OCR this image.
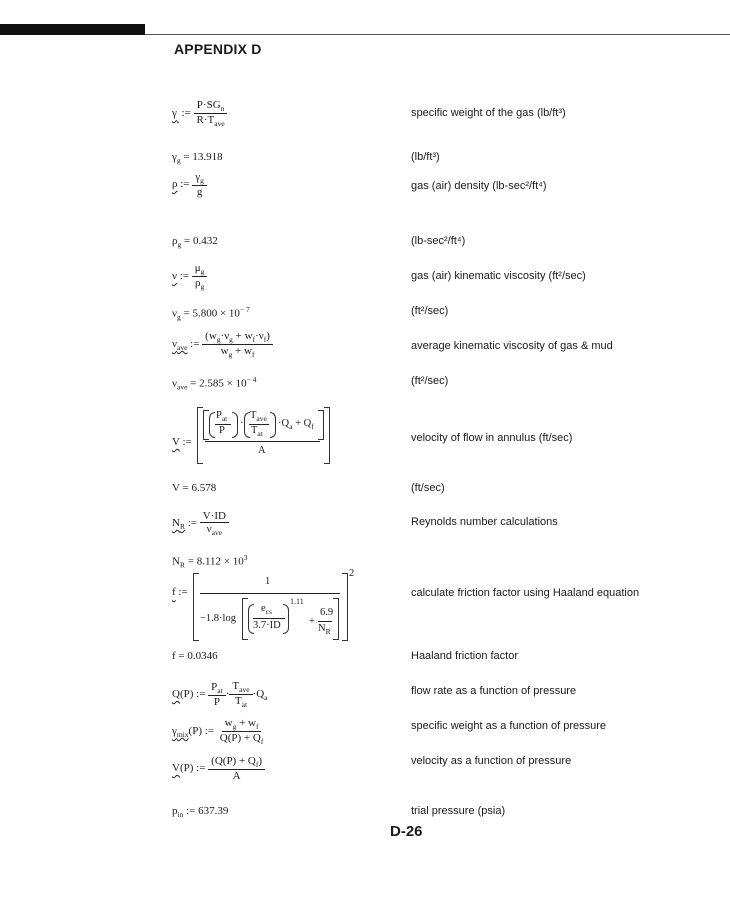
APPENDIX D
specific weight of the gas (lb/ft³)
(lb/ft³)
gas (air) density (lb-sec²/ft⁴)
(lb-sec²/ft⁴)
gas (air) kinematic viscosity (ft²/sec)
(ft²/sec)
average kinematic viscosity of gas & mud
(ft²/sec)
velocity of flow in annulus (ft/sec)
(ft/sec)
Reynolds number calculations
calculate friction factor using Haaland equation
Haaland friction factor
flow rate as a function of pressure
specific weight as a function of pressure
velocity as a function of pressure
trial pressure (psia)
γ  :=
$P\cdot SG_n$
$R\cdot T_{ave}$
$\gamma_g = 13.918$
ρ := $\frac{\gamma_g}{g}$
$\rho_g = 0.432$
ν := $\frac{\mu_g}{\rho_g}$
$\nu_g = 5.800 \times 10^{- 7}$
$\nu_{ave}$ := $\frac{(w_g\cdot\nu_g + w_f\cdot\nu_f)}{w_g + w_f}$
$\nu_{ave} = 2.585 \times 10^{- 4}$
V :=
$P_{at}$
P
·
$T_{ave}$
$T_{at}$
$\cdot Q_a + Q_f$
A
V = 6.578
$N_R$ :=
V·ID
$\nu_{ave}$
$N_R = 8.112 \times 10^3$
f :=
2
1
−1.8·log
$e_{cs}$
3.7·ID
1.11
+
6.9
$N_R$
f = 0.0346
Q(P) :=
$P_{at}$
P
·
$T_{ave}$
$T_{at}$
$\cdot Q_a$
$\gamma_{mix}(P)$ := $\frac{w_g + w_f}{Q(P) + Q_f}$
V(P) := $\frac{(Q(P) + Q_f)}{A}$
$p_{in}$ := 637.39
D-26
